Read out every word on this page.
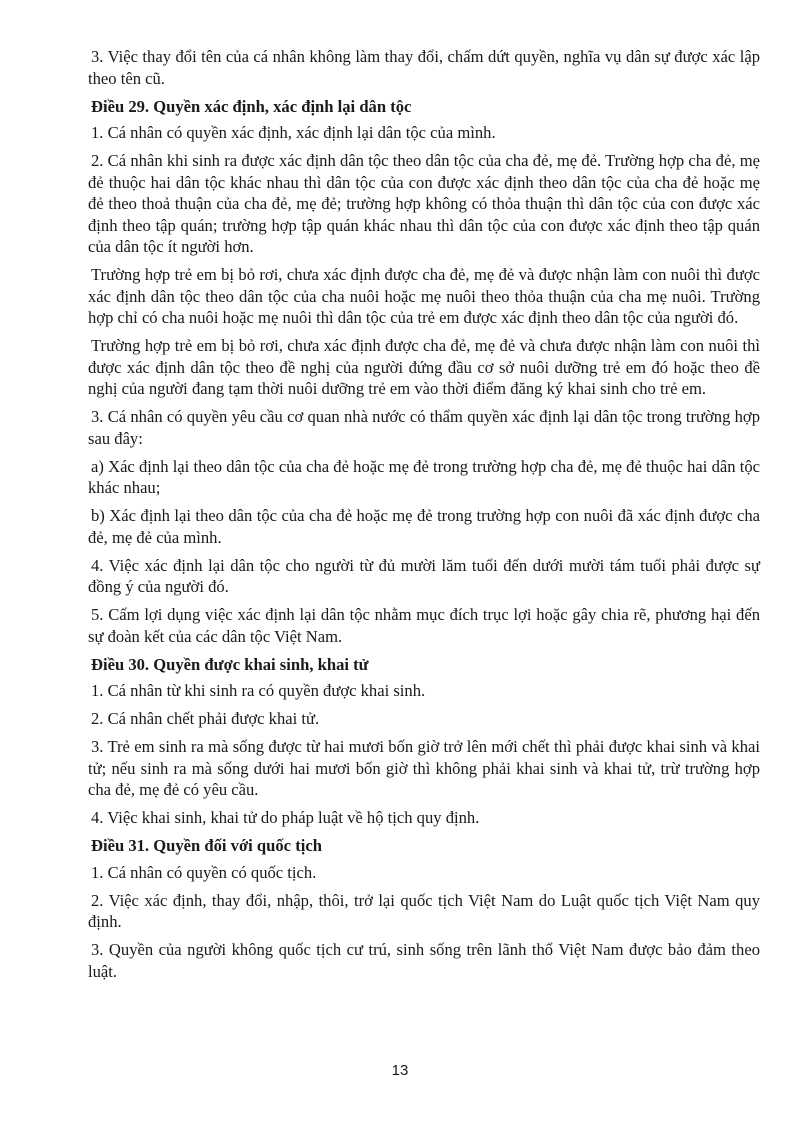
3. Việc thay đổi tên của cá nhân không làm thay đổi, chấm dứt quyền, nghĩa vụ dân sự được xác lập theo tên cũ.

Điều 29. Quyền xác định, xác định lại dân tộc

1. Cá nhân có quyền xác định, xác định lại dân tộc của mình.

2. Cá nhân khi sinh ra được xác định dân tộc theo dân tộc của cha đẻ, mẹ đẻ. Trường hợp cha đẻ, mẹ đẻ thuộc hai dân tộc khác nhau thì dân tộc của con được xác định theo dân tộc của cha đẻ hoặc mẹ đẻ theo thoả thuận của cha đẻ, mẹ đẻ; trường hợp không có thỏa thuận thì dân tộc của con được xác định theo tập quán; trường hợp tập quán khác nhau thì dân tộc của con được xác định theo tập quán của dân tộc ít người hơn.

Trường hợp trẻ em bị bỏ rơi, chưa xác định được cha đẻ, mẹ đẻ và được nhận làm con nuôi thì được xác định dân tộc theo dân tộc của cha nuôi hoặc mẹ nuôi theo thỏa thuận của cha mẹ nuôi. Trường hợp chỉ có cha nuôi hoặc mẹ nuôi thì dân tộc của trẻ em được xác định theo dân tộc của người đó.

Trường hợp trẻ em bị bỏ rơi, chưa xác định được cha đẻ, mẹ đẻ và chưa được nhận làm con nuôi thì được xác định dân tộc theo đề nghị của người đứng đầu cơ sở nuôi dưỡng trẻ em đó hoặc theo đề nghị của người đang tạm thời nuôi dưỡng trẻ em vào thời điểm đăng ký khai sinh cho trẻ em.

3. Cá nhân có quyền yêu cầu cơ quan nhà nước có thẩm quyền xác định lại dân tộc trong trường hợp sau đây:

a) Xác định lại theo dân tộc của cha đẻ hoặc mẹ đẻ trong trường hợp cha đẻ, mẹ đẻ thuộc hai dân tộc khác nhau;

b) Xác định lại theo dân tộc của cha đẻ hoặc mẹ đẻ trong trường hợp con nuôi đã xác định được cha đẻ, mẹ đẻ của mình.

4. Việc xác định lại dân tộc cho người từ đủ mười lăm tuổi đến dưới mười tám tuổi phải được sự đồng ý của người đó.

5. Cấm lợi dụng việc xác định lại dân tộc nhằm mục đích trục lợi hoặc gây chia rẽ, phương hại đến sự đoàn kết của các dân tộc Việt Nam.

Điều 30. Quyền được khai sinh, khai tử

1. Cá nhân từ khi sinh ra có quyền được khai sinh.

2. Cá nhân chết phải được khai tử.

3. Trẻ em sinh ra mà sống được từ hai mươi bốn giờ trở lên mới chết thì phải được khai sinh và khai tử; nếu sinh ra mà sống dưới hai mươi bốn giờ thì không phải khai sinh và khai tử, trừ trường hợp cha đẻ, mẹ đẻ có yêu cầu.

4. Việc khai sinh, khai tử do pháp luật về hộ tịch quy định.

Điều 31. Quyền đối với quốc tịch

1. Cá nhân có quyền có quốc tịch.

2. Việc xác định, thay đổi, nhập, thôi, trở lại quốc tịch Việt Nam do Luật quốc tịch Việt Nam quy định.

3. Quyền của người không quốc tịch cư trú, sinh sống trên lãnh thổ Việt Nam được bảo đảm theo luật.

13
